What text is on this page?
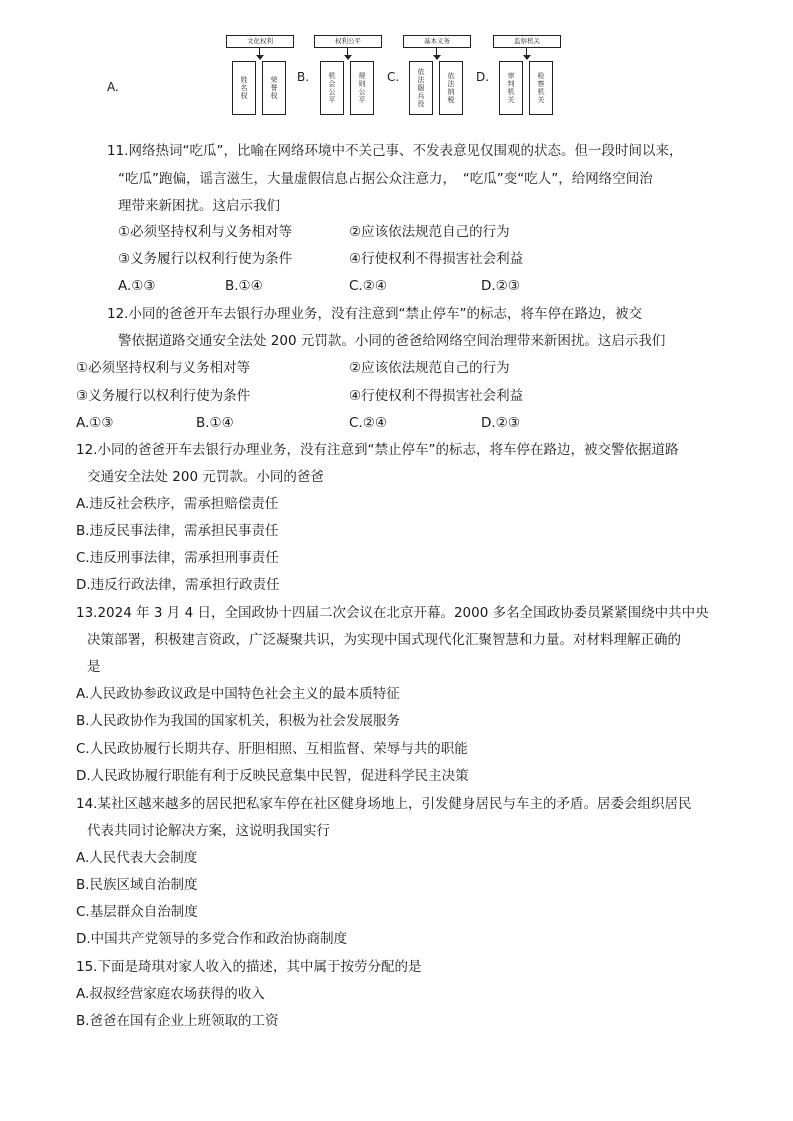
A.
文化权利
姓名权	荣誉权	B.
权利公平
机会公平	规则公平	C.
基本义务
依法服兵役	依法纳税	D.
监察机关
审判机关	检察机关
11.网络热词“吃瓜”，比喻在网络环境中不关己事、不发表意见仅围观的状态。但一段时间以来，
“吃瓜”跑偏，谣言滋生，大量虚假信息占据公众注意力，　“吃瓜”变“吃人”，给网络空间治
理带来新困扰。这启示我们
①必须坚持权利与义务相对等	②应该依法规范自己的行为
③义务履行以权利行使为条件	④行使权利不得损害社会利益
A.①③	B.①④	C.②④	D.②③
12.小同的爸爸开车去银行办理业务，没有注意到“禁止停车”的标志，将车停在路边，被交
警依据道路交通安全法处 200 元罚款。小同的爸爸给网络空间治理带来新困扰。这启示我们
①必须坚持权利与义务相对等	②应该依法规范自己的行为
③义务履行以权利行使为条件	④行使权利不得损害社会利益
A.①③	B.①④	C.②④	D.②③
12.小同的爸爸开车去银行办理业务，没有注意到“禁止停车”的标志，将车停在路边，被交警依据道路
交通安全法处 200 元罚款。小同的爸爸
A.违反社会秩序，需承担赔偿责任
B.违反民事法律，需承担民事责任
C.违反刑事法律，需承担刑事责任
D.违反行政法律，需承担行政责任
13.2024 年 3 月 4 日，全国政协十四届二次会议在北京开幕。2000 多名全国政协委员紧紧围绕中共中央
决策部署，积极建言资政，广泛凝聚共识，为实现中国式现代化汇聚智慧和力量。对材料理解正确的
是
A.人民政协参政议政是中国特色社会主义的最本质特征
B.人民政协作为我国的国家机关，积极为社会发展服务
C.人民政协履行长期共存、肝胆相照、互相监督、荣辱与共的职能
D.人民政协履行职能有利于反映民意集中民智，促进科学民主决策
14.某社区越来越多的居民把私家车停在社区健身场地上，引发健身居民与车主的矛盾。居委会组织居民
代表共同讨论解决方案，这说明我国实行
A.人民代表大会制度
B.民族区域自治制度
C.基层群众自治制度
D.中国共产党领导的多党合作和政治协商制度
15.下面是琦琪对家人收入的描述，其中属于按劳分配的是
A.叔叔经营家庭农场获得的收入
B.爸爸在国有企业上班领取的工资
